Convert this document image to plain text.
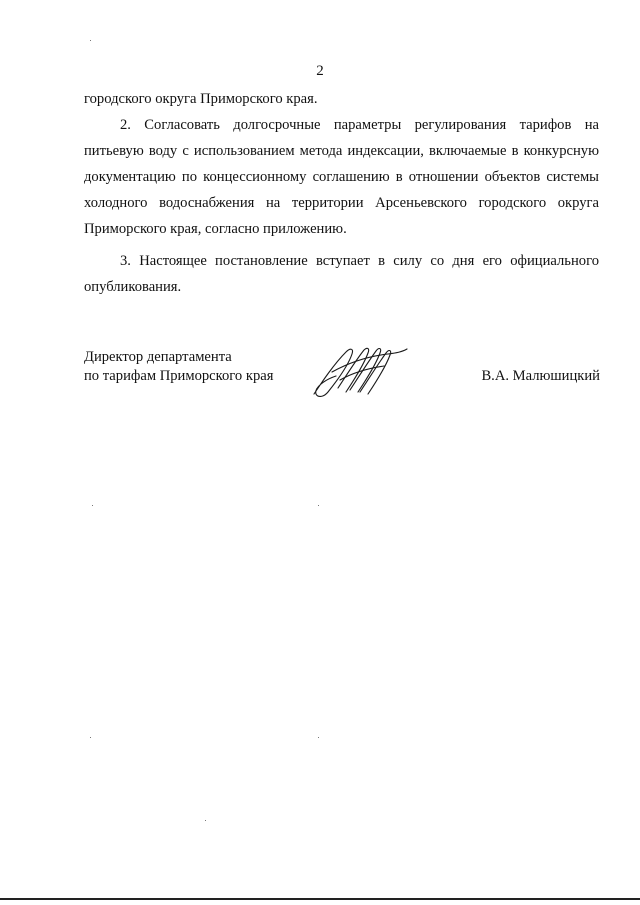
2

городского округа Приморского края.

2. Согласовать долгосрочные параметры регулирования тарифов на питьевую воду с использованием метода индексации, включаемые в конкурсную документацию по концессионному соглашению в отношении объектов системы холодного водоснабжения на территории Арсеньевского городского округа Приморского края, согласно приложению.

3. Настоящее постановление вступает в силу со дня его официального опубликования.

Директор департамента
по тарифам Приморского края	В.А. Малюшицкий
